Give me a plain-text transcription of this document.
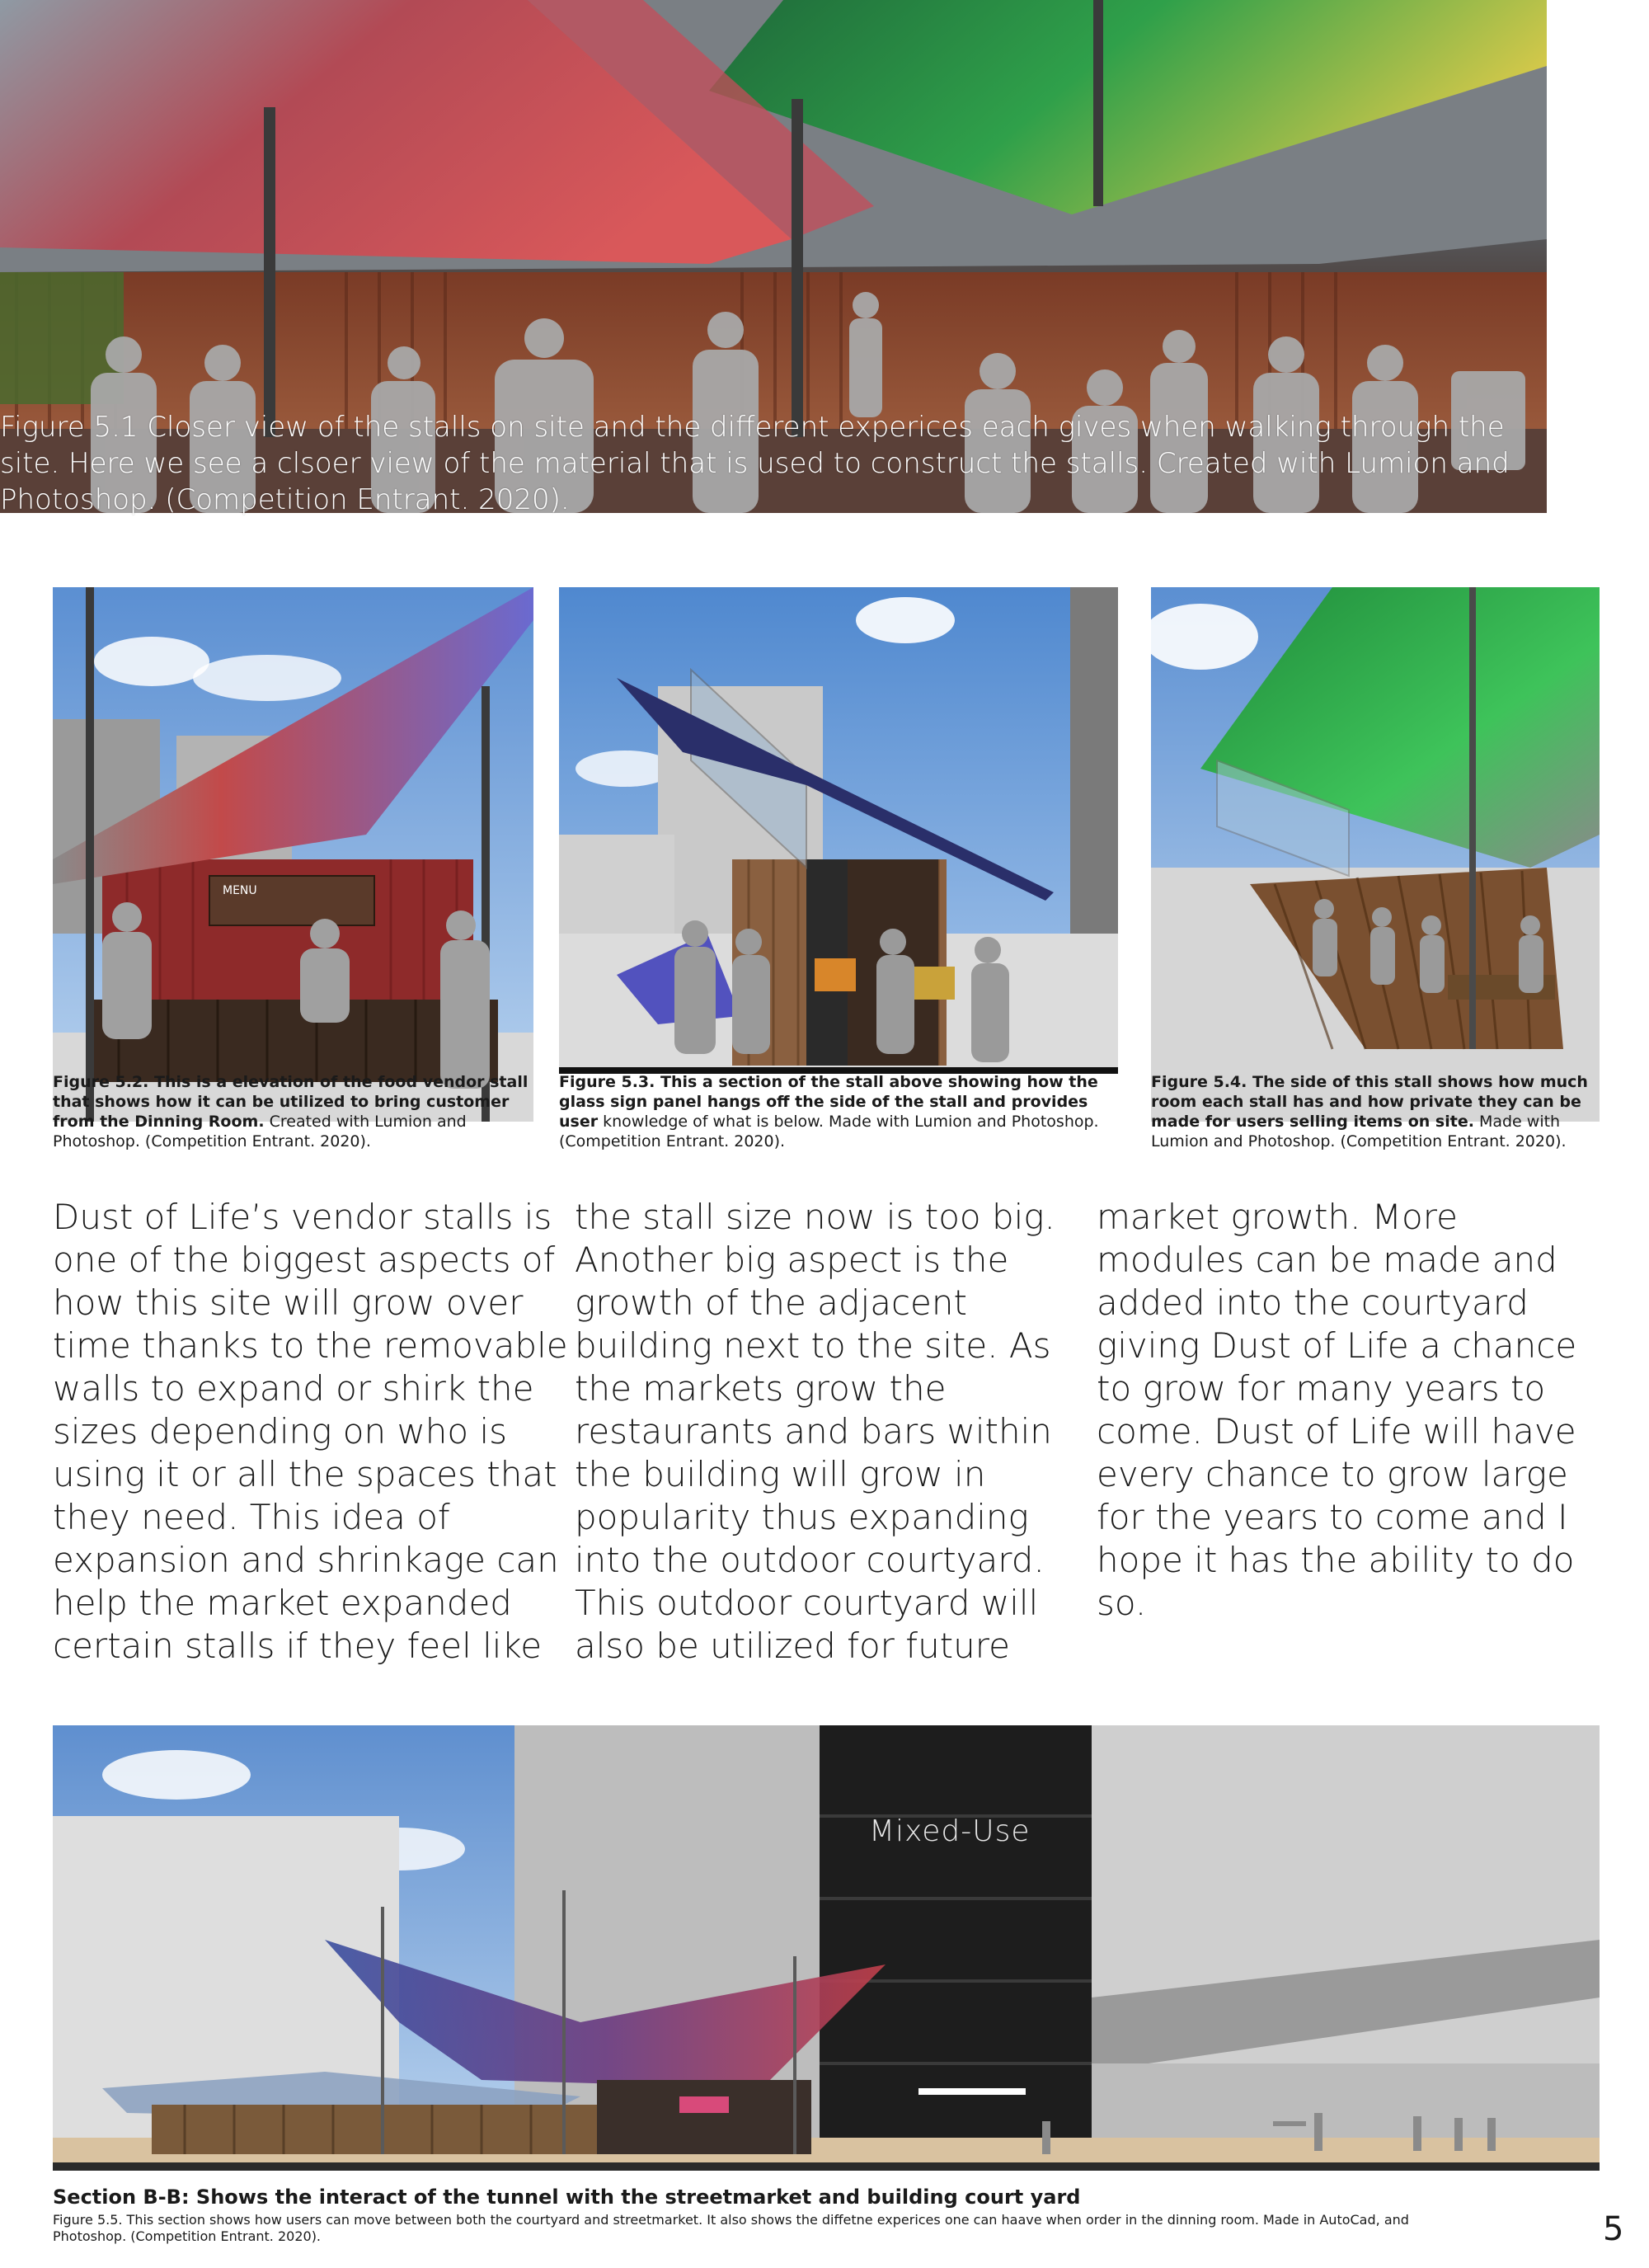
Figure 5.1 Closer view of the stalls on site and the different experices each gives when walking through the site. Here we see a clsoer view of the material that is used to construct the stalls. Created with Lumion and Photoshop. (Competition Entrant. 2020).
MENU
Figure 5.2. This is a elevation of the food vendor stall that shows how it can be utilized to bring customer from the Dinning Room. Created with Lumion and Photoshop. (Competition Entrant. 2020).
Figure 5.3. This a section of the stall above showing how the glass sign panel hangs off the side of the stall and provides user knowledge of what is below. Made with Lumion and Photoshop. (Competition Entrant. 2020).
Figure 5.4. The side of this stall shows how much room each stall has and how private they can be made for users selling items on site. Made with Lumion and Photoshop. (Competition Entrant. 2020).
Dust of Life’s vendor stalls is one of the biggest aspects of how this site will grow over time thanks to the removable walls to expand or shirk the sizes depending on who is using it or all the spaces that they need. This idea of expansion and shrinkage can help the market expanded certain stalls if they feel like
the stall size now is too big. Another big aspect is the growth of the adjacent building next to the site. As the markets grow the restaurants and bars within the building will grow in popularity thus expanding into the outdoor courtyard. This outdoor courtyard will also be utilized for future
market growth. More modules can be made and added into the courtyard giving Dust of Life a chance to grow for many years to come. Dust of Life will have every chance to grow large for the years to come and I hope it has the ability to do so.
Mixed-Use
Section B-B: Shows the interact of the tunnel with the streetmarket and building court yard
Figure 5.5. This section shows how users can move between both the courtyard and streetmarket. It also shows the diffetne experices one can haave when order in the dinning room. Made in AutoCad, and Photoshop. (Competition Entrant. 2020).	5
